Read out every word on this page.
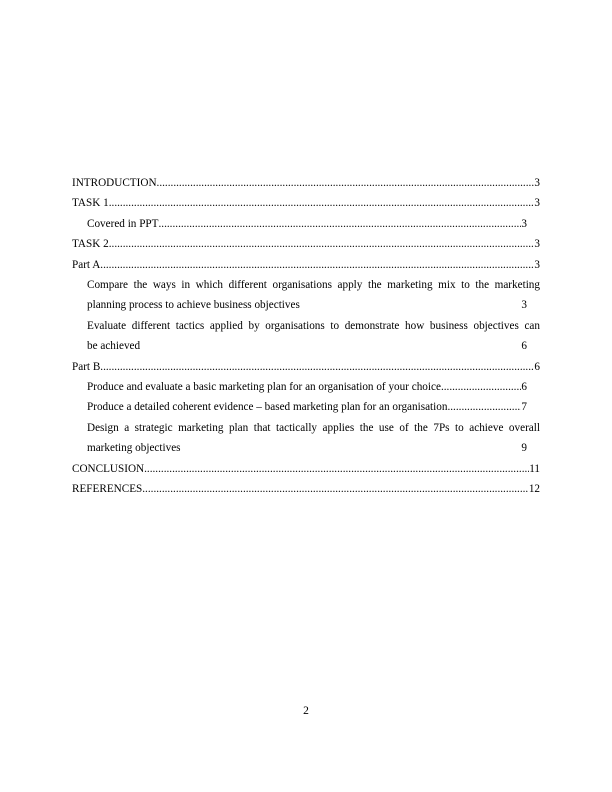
INTRODUCTION .....	3
TASK 1 .....	3
Covered in PPT .....	3
TASK 2 .....	3
Part A .....	3
Compare the ways in which different organisations apply the marketing mix to the marketing
planning process to achieve business objectives	3
Evaluate different tactics applied by organisations to demonstrate how business objectives can
be achieved	6
Part B .....	6
Produce and evaluate a basic marketing plan for an organisation of your choice .....	6
Produce a detailed coherent evidence – based marketing plan for an organisation .....	7
Design a strategic marketing plan that tactically applies the use of the 7Ps to achieve overall
marketing objectives	9
CONCLUSION .....	11
REFERENCES .....	12
2
